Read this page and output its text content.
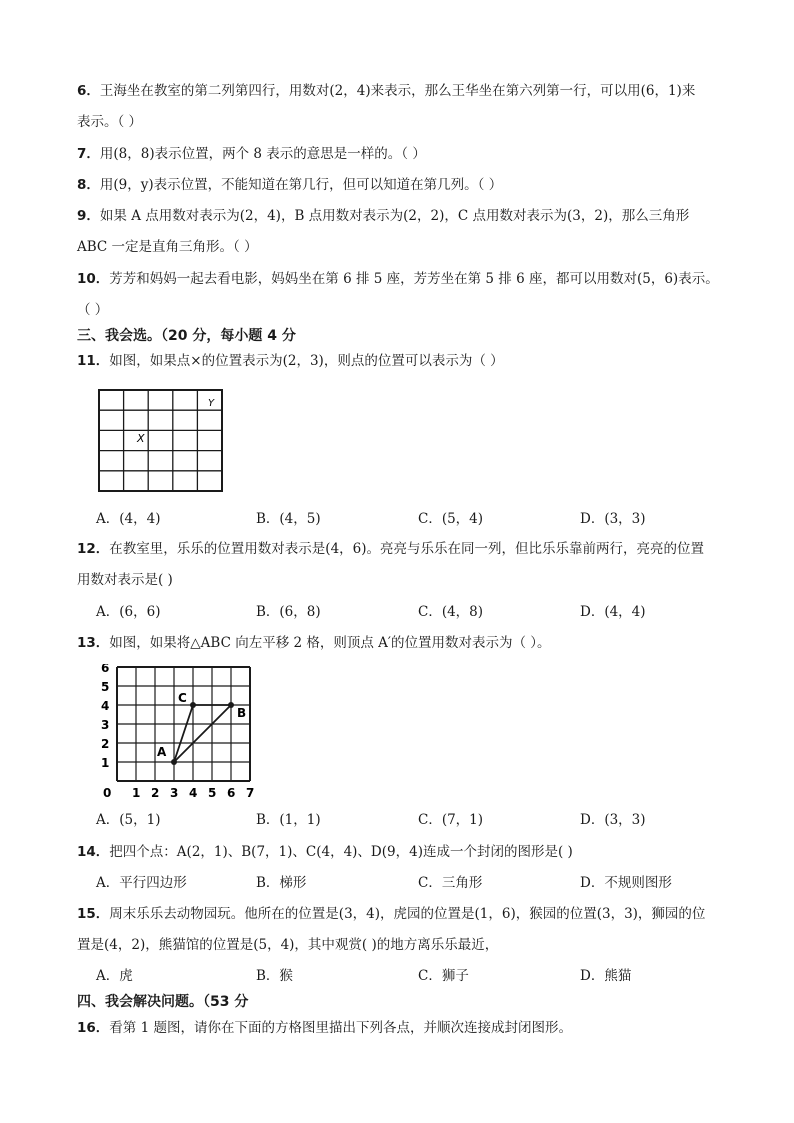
6．王海坐在教室的第二列第四行，用数对(2，4)来表示，那么王华坐在第六列第一行，可以用(6，1)来
表示。（ ）
7．用(8，8)表示位置，两个 8 表示的意思是一样的。（ ）
8．用(9，y)表示位置，不能知道在第几行，但可以知道在第几列。（ ）
9．如果 A 点用数对表示为(2，4)，B 点用数对表示为(2，2)，C 点用数对表示为(3，2)，那么三角形
ABC 一定是直角三角形。（ ）
10．芳芳和妈妈一起去看电影，妈妈坐在第 6 排 5 座，芳芳坐在第 5 排 6 座，都可以用数对(5，6)表示。
（ ）
三、我会选。（20 分，每小题 4 分
11．如图，如果点×的位置表示为(2，3)，则点的位置可以表示为（ ）
X
Y
A．(4，4)	B．(4，5)	C．(5，4)	D．(3，3)
12．在教室里，乐乐的位置用数对表示是(4，6)。亮亮与乐乐在同一列，但比乐乐靠前两行，亮亮的位置
用数对表示是( )
A．(6，6)	B．(6，8)	C．(4，8)	D．(4，4)
13．如图，如果将△ABC 向左平移 2 格，则顶点 A′的位置用数对表示为（ ）。
0 1 2 3 4 5 6 7
1
2
3
4
5
6
A
C
B
A．(5，1)	B．(1，1)	C．(7，1)	D．(3，3)
14．把四个点：A(2，1)、B(7，1)、C(4，4)、D(9，4)连成一个封闭的图形是( )
A．平行四边形	B．梯形	C．三角形	D．不规则图形
15．周末乐乐去动物园玩。他所在的位置是(3，4)，虎园的位置是(1，6)，猴园的位置(3，3)，狮园的位
置是(4，2)，熊猫馆的位置是(5，4)，其中观赏( )的地方离乐乐最近，
A．虎	B．猴	C．狮子	D．熊猫
四、我会解决问题。（53 分
16．看第 1 题图，请你在下面的方格图里描出下列各点，并顺次连接成封闭图形。
